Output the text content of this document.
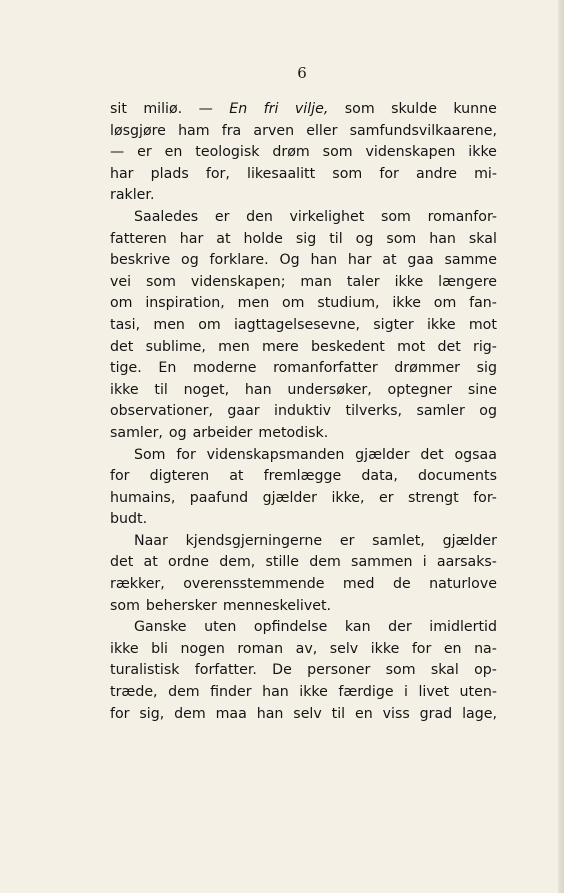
6
sit miliø. — En fri vilje, som skulde kunne
løsgjøre ham fra arven eller samfundsvilkaarene,
— er en teologisk drøm som videnskapen ikke
har plads for, likesaalitt som for andre mi-
rakler.
Saaledes er den virkelighet som romanfor-
fatteren har at holde sig til og som han skal
beskrive og forklare. Og han har at gaa samme
vei som videnskapen; man taler ikke længere
om inspiration, men om studium, ikke om fan-
tasi, men om iagttagelsesevne, sigter ikke mot
det sublime, men mere beskedent mot det rig-
tige. En moderne romanforfatter drømmer sig
ikke til noget, han undersøker, optegner sine
observationer, gaar induktiv tilverks, samler og
samler, og arbeider metodisk.
Som for videnskapsmanden gjælder det ogsaa
for digteren at fremlægge data, documents
humains, paafund gjælder ikke, er strengt for-
budt.
Naar kjendsgjerningerne er samlet, gjælder
det at ordne dem, stille dem sammen i aarsaks-
rækker, overensstemmende med de naturlove
som behersker menneskelivet.
Ganske uten opfindelse kan der imidlertid
ikke bli nogen roman av, selv ikke for en na-
turalistisk forfatter. De personer som skal op-
træde, dem finder han ikke færdige i livet uten-
for sig, dem maa han selv til en viss grad lage,
